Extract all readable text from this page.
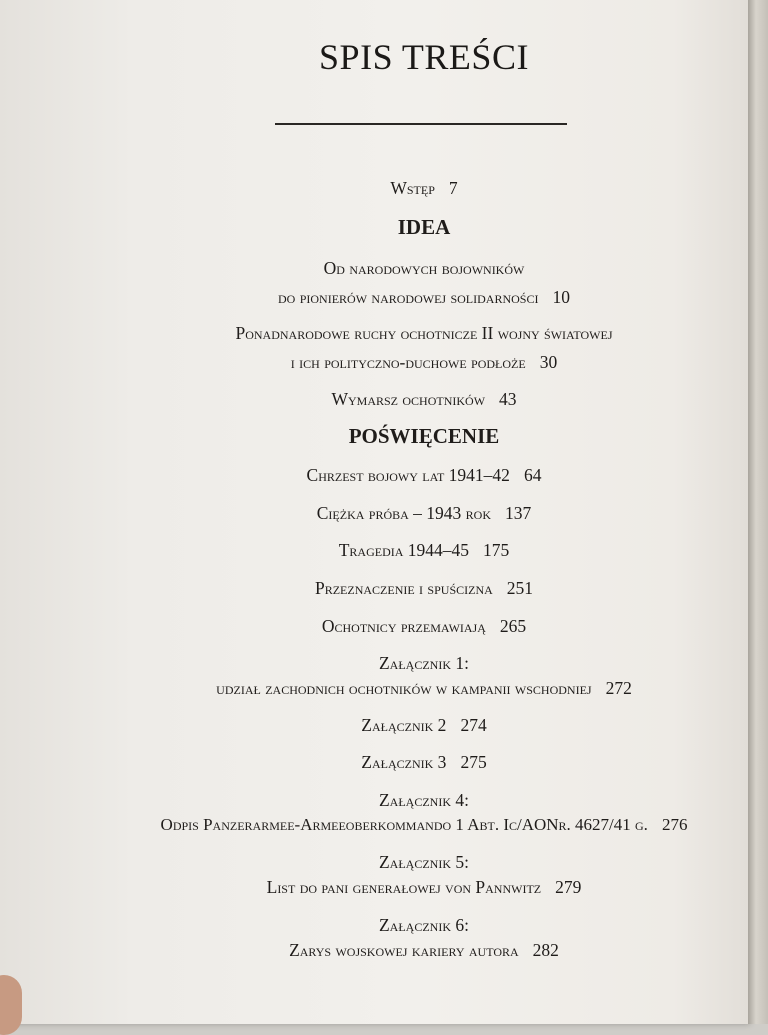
SPIS TREŚCI
Wstęp 7
IDEA
Od narodowych bojowników
do pionierów narodowej solidarności 10
Ponadnarodowe ruchy ochotnicze II wojny światowej
i ich polityczno-duchowe podłoże 30
Wymarsz ochotników 43
POŚWIĘCENIE
Chrzest bojowy lat 1941–42 64
Ciężka próba – 1943 rok 137
Tragedia 1944–45 175
Przeznaczenie i spuścizna 251
Ochotnicy przemawiają 265
Załącznik 1:
udział zachodnich ochotników w kampanii wschodniej 272
Załącznik 2 274
Załącznik 3 275
Załącznik 4:
Odpis Panzerarmee-Armeeoberkommando 1 Abt. Ic/AONr. 4627/41 g. 276
Załącznik 5:
List do pani generałowej von Pannwitz 279
Załącznik 6:
Zarys wojskowej kariery autora 282
